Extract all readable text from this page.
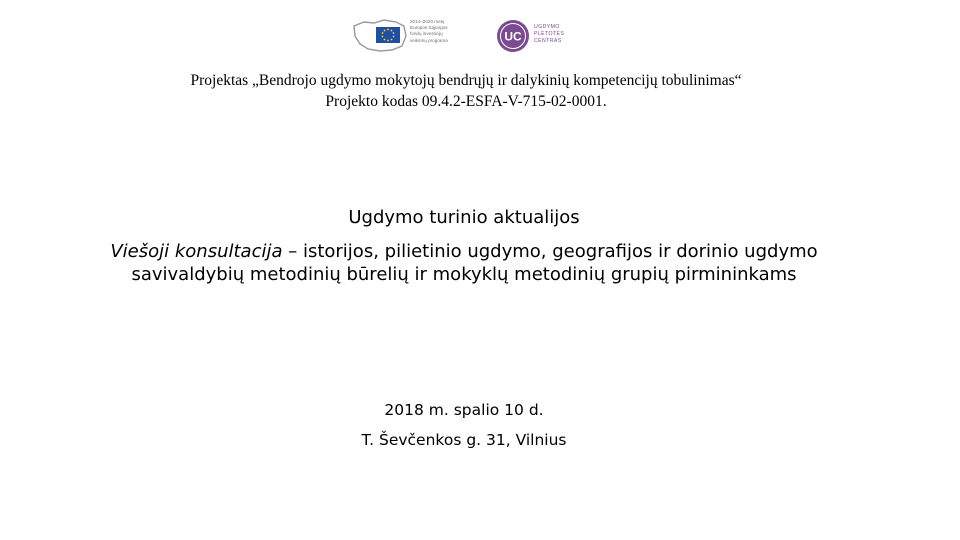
2014–2020 metų
Europos Sąjungos
fondų investicijų
veiksmų programa	UC
UGDYMO
PLĖTOTĖS
CENTRAS
Projektas „Bendrojo ugdymo mokytojų bendrųjų ir dalykinių kompetencijų tobulinimas“
Projekto kodas 09.4.2-ESFA-V-715-02-0001.
Ugdymo turinio aktualijos
Viešoji konsultacija – istorijos, pilietinio ugdymo, geografijos ir dorinio ugdymo savivaldybių metodinių būrelių ir mokyklų metodinių grupių pirmininkams
2018 m. spalio 10 d.
T. Ševčenkos g. 31, Vilnius
